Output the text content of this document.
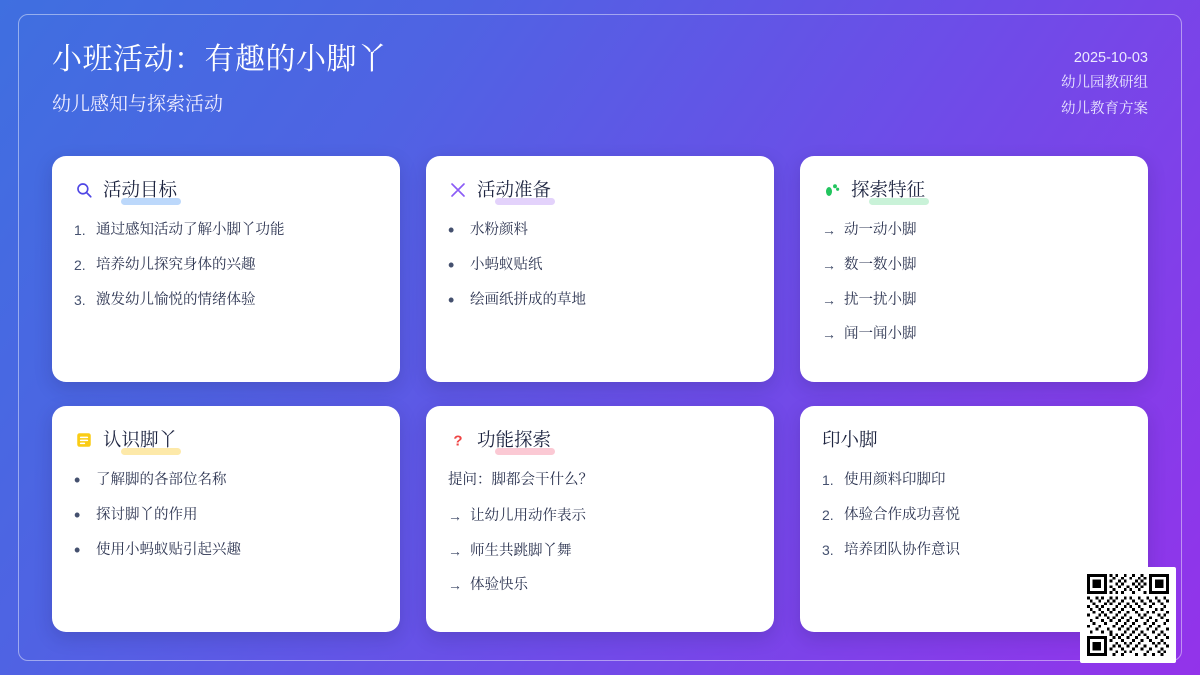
小班活动：有趣的小脚丫
幼儿感知与探索活动
2025-10-03
幼儿园教研组
幼儿教育方案
活动目标
1. 通过感知活动了解小脚丫功能
2. 培养幼儿探究身体的兴趣
3. 激发幼儿愉悦的情绪体验
活动准备
•	水粉颜料
•	小蚂蚁贴纸
•	绘画纸拼成的草地
探索特征
→ 动一动小脚
→ 数一数小脚
→ 扰一扰小脚
→ 闻一闻小脚
认识脚丫
•	了解脚的各部位名称
•	探讨脚丫的作用
•	使用小蚂蚁贴引起兴趣
? 功能探索
提问：脚都会干什么？
→ 让幼儿用动作表示
→ 师生共跳脚丫舞
→ 体验快乐
印小脚
1. 使用颜料印脚印
2. 体验合作成功喜悦
3. 培养团队协作意识
